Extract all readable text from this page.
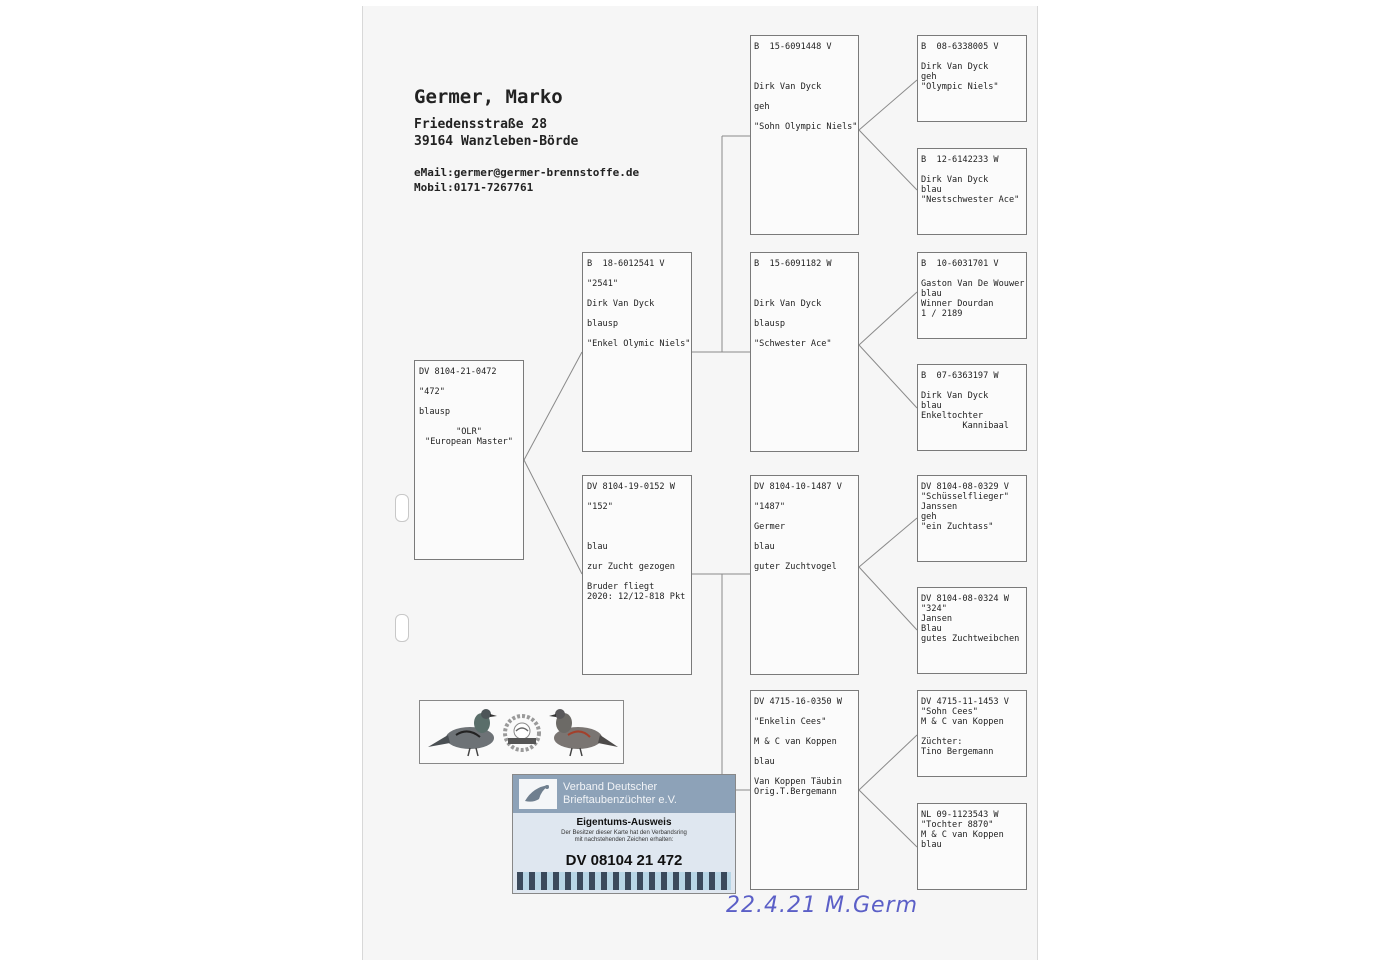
Germer, Marko
Friedensstraße 28
39164 Wanzleben-Börde
eMail:germer@germer-brennstoffe.de
Mobil:0171-7267761
DV 8104-21-0472
"472"
blausp
"OLR"
"European Master"
B  18-6012541 V
"2541"
Dirk Van Dyck
blausp
"Enkel Olymic Niels"
DV 8104-19-0152 W
"152"
blau
zur Zucht gezogen
Bruder fliegt
2020: 12/12-818 Pkt
B  15-6091448 V
Dirk Van Dyck
geh
"Sohn Olympic Niels"
B  15-6091182 W
Dirk Van Dyck
blausp
"Schwester Ace"
DV 8104-10-1487 V
"1487"
Germer
blau
guter Zuchtvogel
DV 4715-16-0350 W
"Enkelin Cees"
M & C van Koppen
blau
Van Koppen Täubin
Orig.T.Bergemann
B  08-6338005 V
Dirk Van Dyck
geh
"Olympic Niels"
B  12-6142233 W
Dirk Van Dyck
blau
"Nestschwester Ace"
B  10-6031701 V
Gaston Van De Wouwer
blau
Winner Dourdan
1 / 2189
B  07-6363197 W
Dirk Van Dyck
blau
Enkeltochter
Kannibaal
DV 8104-08-0329 V
"Schüsselflieger"
Janssen
geh
"ein Zuchtass"
DV 8104-08-0324 W
"324"
Jansen
Blau
gutes Zuchtweibchen
DV 4715-11-1453 V
"Sohn Cees"
M & C van Koppen
Züchter:
Tino Bergemann
NL 09-1123543 W
"Tochter 8870"
M & C van Koppen
blau
Verband Deutscher
Brieftaubenzüchter e.V.
Eigentums-Ausweis
Der Besitzer dieser Karte hat den Verbandsring
mit nachstehenden Zeichen erhalten:
DV 08104 21 472
22.4.21 M.Germ
